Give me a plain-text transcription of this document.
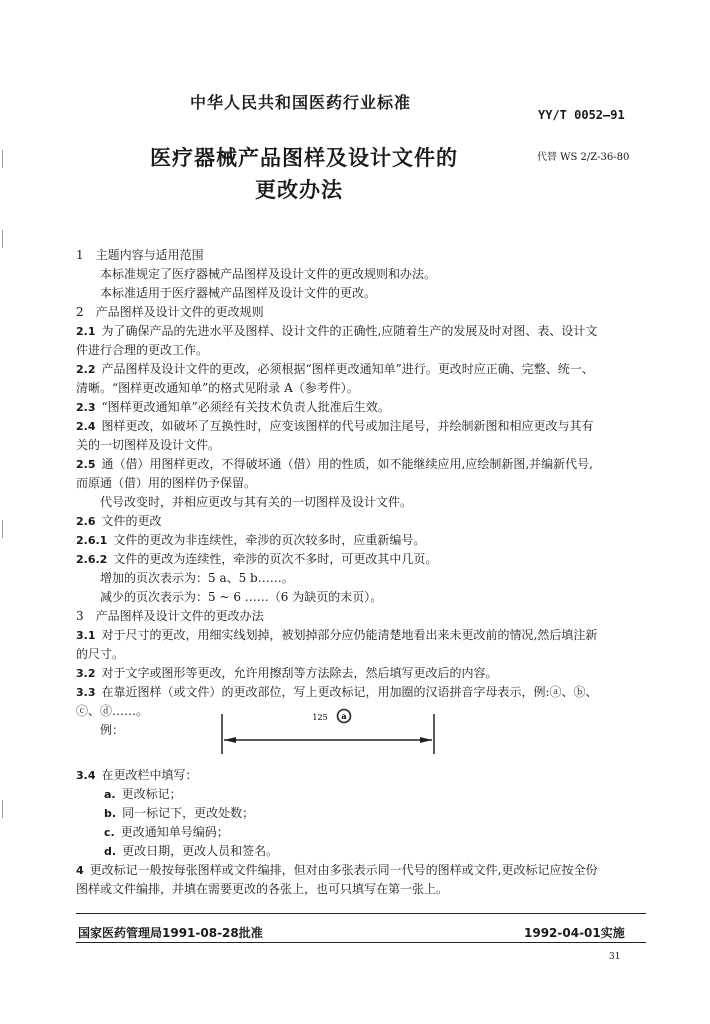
中华人民共和国医药行业标准
YY/T 0052—91
医疗器械产品图样及设计文件的
更改办法
代替 WS 2/Z-36-80
1　主题内容与适用范围
本标准规定了医疗器械产品图样及设计文件的更改规则和办法。
本标准适用于医疗器械产品图样及设计文件的更改。
2　产品图样及设计文件的更改规则
2.1 为了确保产品的先进水平及图样、设计文件的正确性,应随着生产的发展及时对图、表、设计文
件进行合理的更改工作。
2.2 产品图样及设计文件的更改，必须根据“图样更改通知单”进行。更改时应正确、完整、统一、
清晰。“图样更改通知单”的格式见附录 A（参考件）。
2.3 “图样更改通知单”必须经有关技术负责人批准后生效。
2.4 图样更改，如破坏了互换性时，应变该图样的代号或加注尾号，并绘制新图和相应更改与其有
关的一切图样及设计文件。
2.5 通（借）用图样更改，不得破坏通（借）用的性质，如不能继续应用,应绘制新图,并编新代号,
而原通（借）用的图样仍予保留。
代号改变时，并相应更改与其有关的一切图样及设计文件。
2.6 文件的更改
2.6.1 文件的更改为非连续性，牵涉的页次较多时，应重新编号。
2.6.2 文件的更改为连续性，牵涉的页次不多时，可更改其中几页。
增加的页次表示为：5 a、5 b……。
减少的页次表示为：5 ~ 6 ……（6 为缺页的末页）。
3　产品图样及设计文件的更改办法
3.1 对于尺寸的更改，用细实线划掉，被划掉部分应仍能清楚地看出来未更改前的情况,然后填注新
的尺寸。
3.2 对于文字或图形等更改，允许用擦刮等方法除去，然后填写更改后的内容。
3.3 在靠近图样（或文件）的更改部位，写上更改标记，用加圈的汉语拼音字母表示，例:ⓐ、ⓑ、
ⓒ、ⓓ……。
例：
125 a
3.4 在更改栏中填写：
a. 更改标记；
b. 同一标记下，更改处数；
c. 更改通知单号编码；
d. 更改日期，更改人员和签名。
4 更改标记一般按每张图样或文件编排，但对由多张表示同一代号的图样或文件,更改标记应按全份
图样或文件编排，并填在需要更改的各张上，也可只填写在第一张上。
国家医药管理局1991-08-28批准	1992-04-01实施
31
